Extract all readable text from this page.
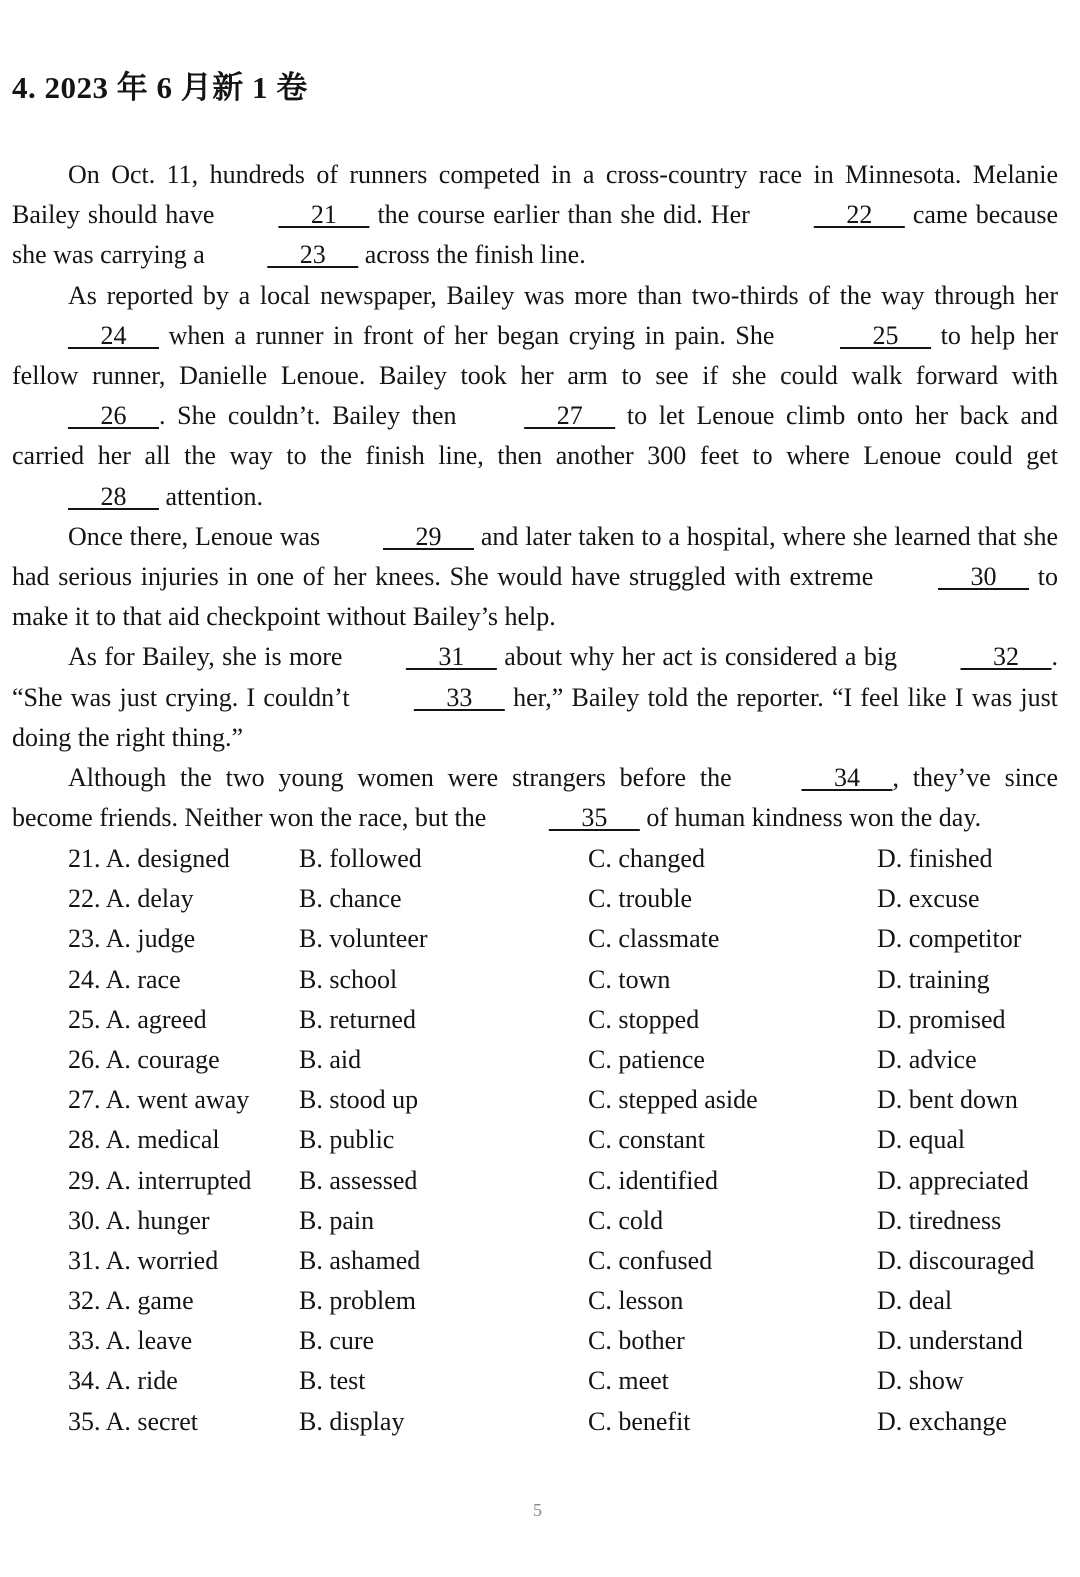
4. 2023 年 6 月新 1 卷

On Oct. 11, hundreds of runners competed in a cross-country race in Minnesota. Melanie Bailey should have      21      the course earlier than she did. Her      22      came because she was carrying a      23      across the finish line.

As reported by a local newspaper, Bailey was more than two-thirds of the way through her      24      when a runner in front of her began crying in pain. She      25      to help her fellow runner, Danielle Lenoue. Bailey took her arm to see if she could walk forward with      26     . She couldn’t. Bailey then      27      to let Lenoue climb onto her back and carried her all the way to the finish line, then another 300 feet to where Lenoue could get      28      attention.

Once there, Lenoue was      29      and later taken to a hospital, where she learned that she had serious injuries in one of her knees. She would have struggled with extreme      30      to make it to that aid checkpoint without Bailey’s help.

As for Bailey, she is more      31      about why her act is considered a big      32     . “She was just crying. I couldn’t      33      her,” Bailey told the reporter. “I feel like I was just doing the right thing.”

Although the two young women were strangers before the      34     , they’ve since become friends. Neither won the race, but the      35      of human kindness won the day.

21. A. designed	B. followed	C. changed	D. finished
22. A. delay	B. chance	C. trouble	D. excuse
23. A. judge	B. volunteer	C. classmate	D. competitor
24. A. race	B. school	C. town	D. training
25. A. agreed	B. returned	C. stopped	D. promised
26. A. courage	B. aid	C. patience	D. advice
27. A. went away B. stood up	C. stepped aside	D. bent down
28. A. medical	B. public	C. constant	D. equal
29. A. interrupted B. assessed	C. identified	D. appreciated
30. A. hunger	B. pain	C. cold	D. tiredness
31. A. worried	B. ashamed	C. confused	D. discouraged
32. A. game	B. problem	C. lesson	D. deal
33. A. leave	B. cure	C. bother	D. understand
34. A. ride	B. test	C. meet	D. show
35. A. secret	B. display	C. benefit	D. exchange
5
